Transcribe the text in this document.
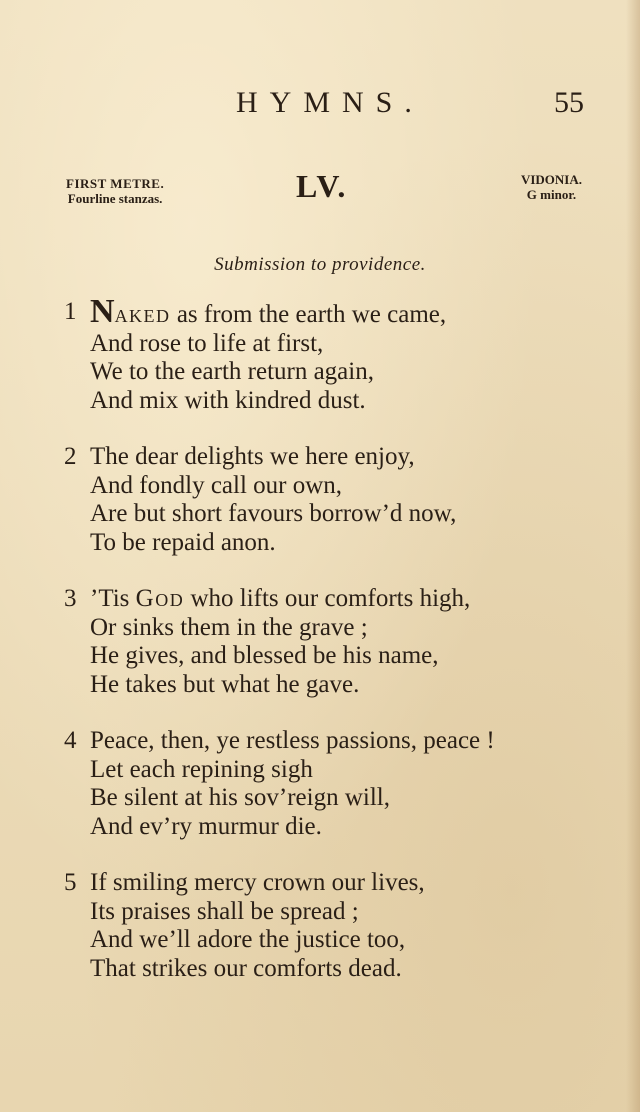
HYMNS.	55
FIRST METRE.
Fourline stanzas.	LV.	VIDONIA.
G minor.
Submission to providence.
1 Naked as from the earth we came,
And rose to life at first,
We to the earth return again,
And mix with kindred dust.
2 The dear delights we here enjoy,
And fondly call our own,
Are but short favours borrow’d now,
To be repaid anon.
3 ’Tis God who lifts our comforts high,
Or sinks them in the grave ;
He gives, and blessed be his name,
He takes but what he gave.
4 Peace, then, ye restless passions, peace !
Let each repining sigh
Be silent at his sov’reign will,
And ev’ry murmur die.
5 If smiling mercy crown our lives,
Its praises shall be spread ;
And we’ll adore the justice too,
That strikes our comforts dead.
